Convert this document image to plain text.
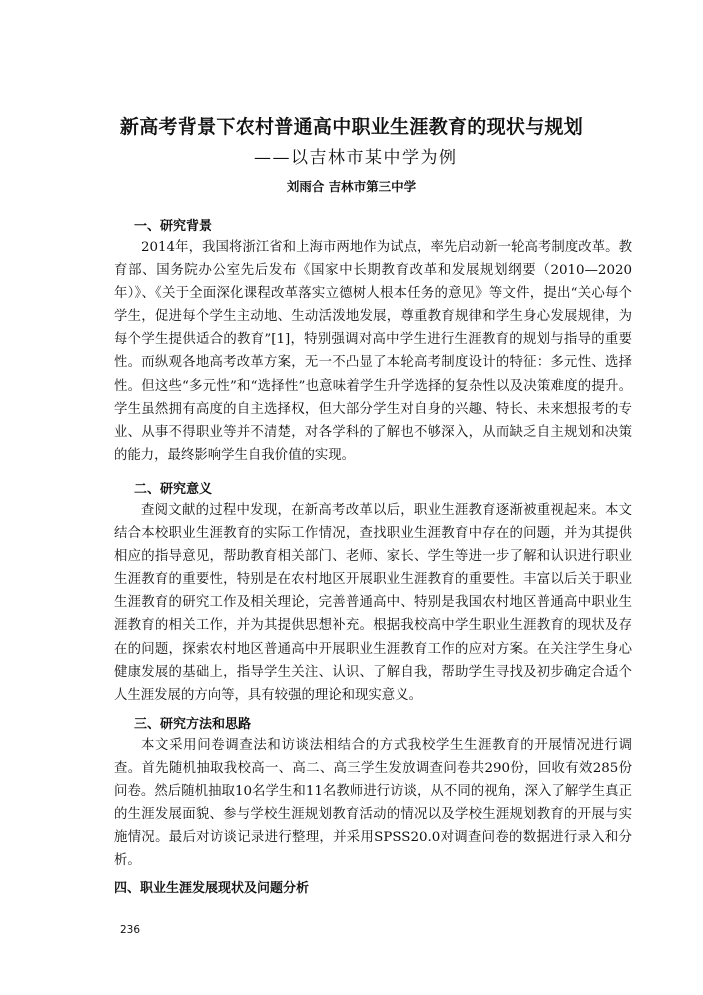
新高考背景下农村普通高中职业生涯教育的现状与规划
——以吉林市某中学为例
刘雨合 吉林市第三中学
一、研究背景

2014年，我国将浙江省和上海市两地作为试点，率先启动新一轮高考制度改革。教育部、国务院办公室先后发布《国家中长期教育改革和发展规划纲要（2010—2020年）》、《关于全面深化课程改革落实立德树人根本任务的意见》等文件，提出“关心每个学生，促进每个学生主动地、生动活泼地发展，尊重教育规律和学生身心发展规律，为每个学生提供适合的教育”[1]，特别强调对高中学生进行生涯教育的规划与指导的重要性。而纵观各地高考改革方案，无一不凸显了本轮高考制度设计的特征：多元性、选择性。但这些“多元性”和“选择性”也意味着学生升学选择的复杂性以及决策难度的提升。学生虽然拥有高度的自主选择权，但大部分学生对自身的兴趣、特长、未来想报考的专业、从事不得职业等并不清楚，对各学科的了解也不够深入，从而缺乏自主规划和决策的能力，最终影响学生自我价值的实现。

二、研究意义

查阅文献的过程中发现，在新高考改革以后，职业生涯教育逐渐被重视起来。本文结合本校职业生涯教育的实际工作情况，查找职业生涯教育中存在的问题，并为其提供相应的指导意见，帮助教育相关部门、老师、家长、学生等进一步了解和认识进行职业生涯教育的重要性，特别是在农村地区开展职业生涯教育的重要性。丰富以后关于职业生涯教育的研究工作及相关理论，完善普通高中、特别是我国农村地区普通高中职业生涯教育的相关工作，并为其提供思想补充。根据我校高中学生职业生涯教育的现状及存在的问题，探索农村地区普通高中开展职业生涯教育工作的应对方案。在关注学生身心健康发展的基础上，指导学生关注、认识、了解自我，帮助学生寻找及初步确定合适个人生涯发展的方向等，具有较强的理论和现实意义。

三、研究方法和思路

本文采用问卷调查法和访谈法相结合的方式我校学生生涯教育的开展情况进行调查。首先随机抽取我校高一、高二、高三学生发放调查问卷共290份，回收有效285份问卷。然后随机抽取10名学生和11名教师进行访谈，从不同的视角，深入了解学生真正的生涯发展面貌、参与学校生涯规划教育活动的情况以及学校生涯规划教育的开展与实施情况。最后对访谈记录进行整理，并采用SPSS20.0对调查问卷的数据进行录入和分析。

四、职业生涯发展现状及问题分析
236
